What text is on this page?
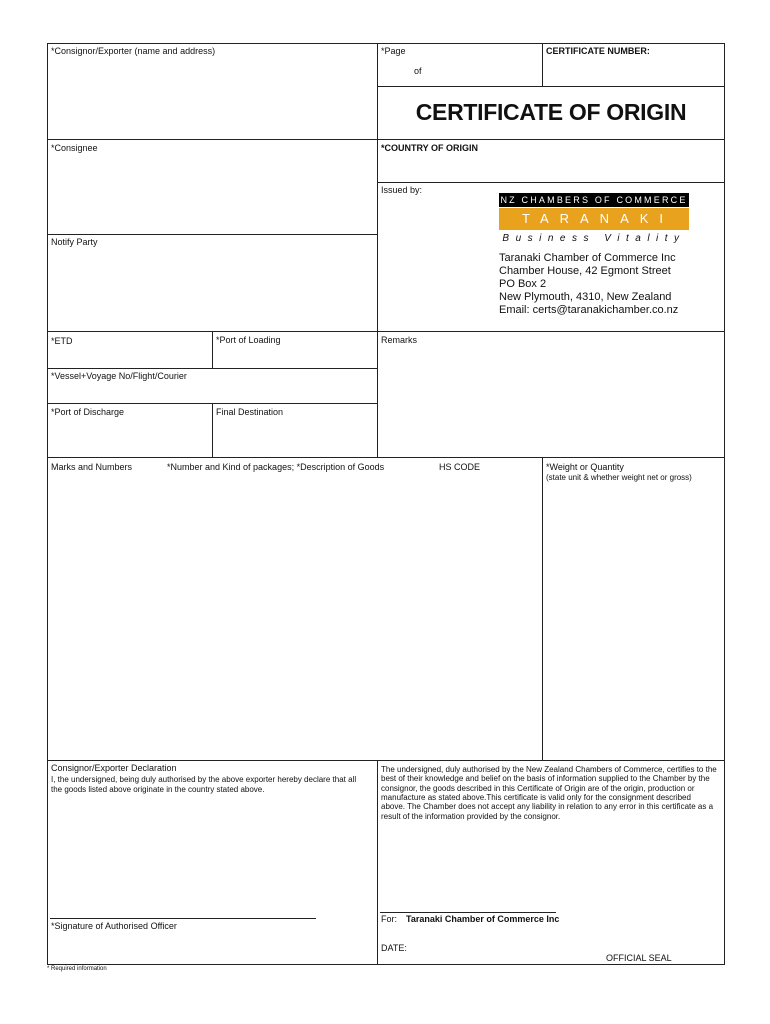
*Consignor/Exporter (name and address)	*Page
of
CERTIFICATE NUMBER:
CERTIFICATE OF ORIGIN
*Consignee	*COUNTRY OF ORIGIN
Issued by:
NZ CHAMBERS OF COMMERCE
TARANAKI
Business Vitality
Taranaki Chamber of Commerce Inc
Chamber House, 42 Egmont Street
PO Box 2
New Plymouth, 4310, New Zealand
Email: certs@taranakichamber.co.nz
Notify Party
*ETD	*Port of Loading	Remarks
*Vessel+Voyage No/Flight/Courier
*Port of Discharge	Final Destination
Marks and Numbers	*Number and Kind of packages; *Description of Goods	HS CODE	*Weight or Quantity
(state unit & whether weight net or gross)
Consignor/Exporter Declaration
I, the undersigned, being duly authorised by the above exporter hereby declare that all the goods listed above originate in the country stated above.
*Signature of Authorised Officer
The undersigned, duly authorised by the New Zealand Chambers of Commerce, certifies to the best of their knowledge and belief on the basis of information supplied to the Chamber by the consignor, the goods described in this Certificate of Origin are of the origin, production or manufacture as stated above.This certificate is valid only for the consignment described above. The Chamber does not accept any liability in relation to any error in this certificate as a result of the information provided by the consignor.
For: Taranaki Chamber of Commerce Inc
DATE:
OFFICIAL SEAL
* Required information
